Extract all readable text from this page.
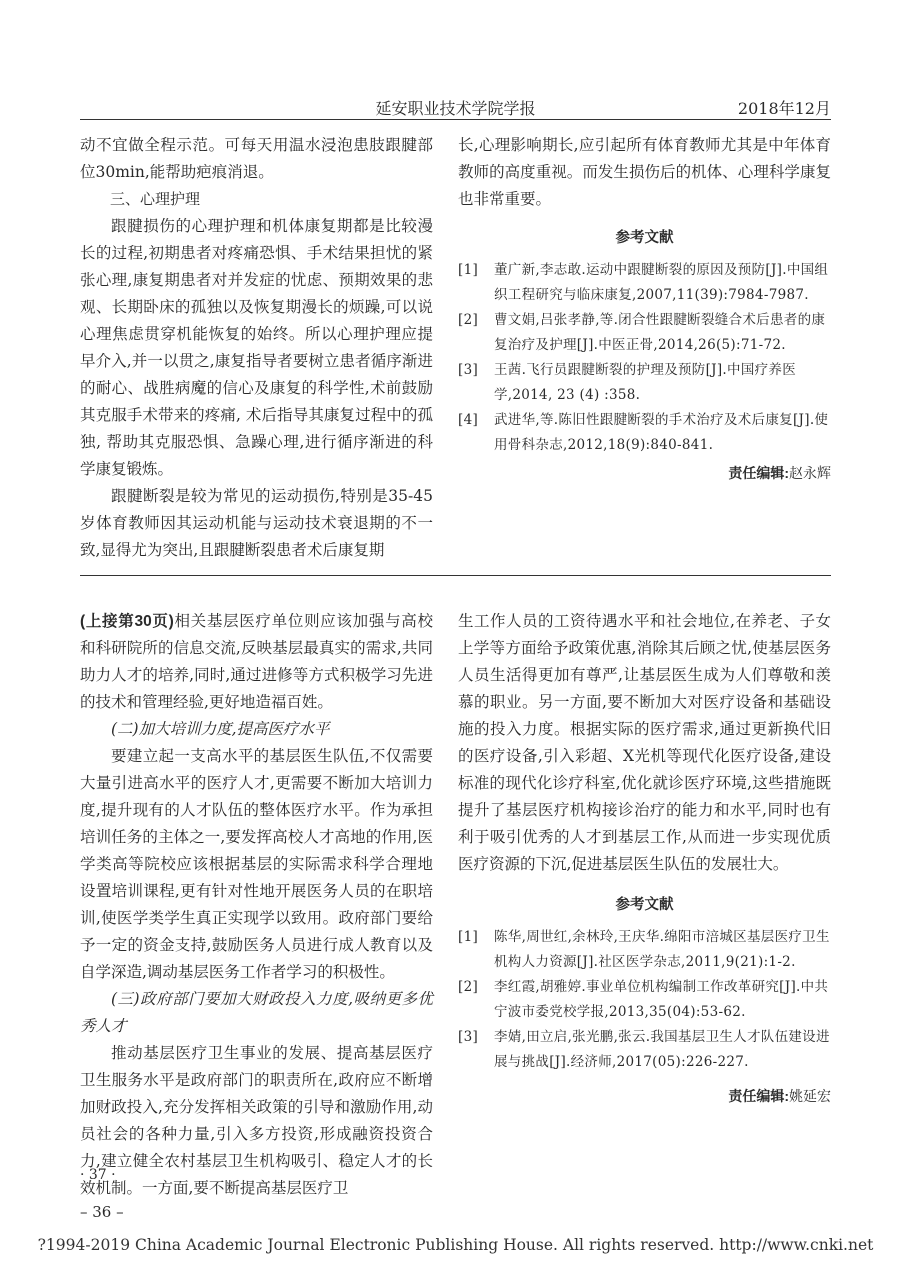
延安职业技术学院学报	2018年12月

动不宜做全程示范。可每天用温水浸泡患肢跟腱部位30min,能帮助疤痕消退。

三、心理护理

跟腱损伤的心理护理和机体康复期都是比较漫长的过程,初期患者对疼痛恐惧、手术结果担忧的紧张心理,康复期患者对并发症的忧虑、预期效果的悲观、长期卧床的孤独以及恢复期漫长的烦躁,可以说心理焦虑贯穿机能恢复的始终。所以心理护理应提早介入,并一以贯之,康复指导者要树立患者循序渐进的耐心、战胜病魔的信心及康复的科学性,术前鼓励其克服手术带来的疼痛, 术后指导其康复过程中的孤独, 帮助其克服恐惧、急躁心理,进行循序渐进的科学康复锻炼。

跟腱断裂是较为常见的运动损伤,特别是35-45岁体育教师因其运动机能与运动技术衰退期的不一致,显得尤为突出,且跟腱断裂患者术后康复期

长,心理影响期长,应引起所有体育教师尤其是中年体育教师的高度重视。而发生损伤后的机体、心理科学康复也非常重要。

参考文献

[1]	董广新,李志敢.运动中跟腱断裂的原因及预防[J].中国组织工程研究与临床康复,2007,11(39):7984-7987.
[2]	曹文娟,吕张孝静,等.闭合性跟腱断裂缝合术后患者的康复治疗及护理[J].中医正骨,2014,26(5):71-72.
[3]	王茜.飞行员跟腱断裂的护理及预防[J].中国疗养医学,2014, 23 (4) :358.
[4]	武进华,等.陈旧性跟腱断裂的手术治疗及术后康复[J].使用骨科杂志,2012,18(9):840-841.
责任编辑:赵永辉

(上接第30页)相关基层医疗单位则应该加强与高校和科研院所的信息交流,反映基层最真实的需求,共同助力人才的培养,同时,通过进修等方式积极学习先进的技术和管理经验,更好地造福百姓。

(二)加大培训力度,提高医疗水平

要建立起一支高水平的基层医生队伍,不仅需要大量引进高水平的医疗人才,更需要不断加大培训力度,提升现有的人才队伍的整体医疗水平。作为承担培训任务的主体之一,要发挥高校人才高地的作用,医学类高等院校应该根据基层的实际需求科学合理地设置培训课程,更有针对性地开展医务人员的在职培训,使医学类学生真正实现学以致用。政府部门要给予一定的资金支持,鼓励医务人员进行成人教育以及自学深造,调动基层医务工作者学习的积极性。

(三)政府部门要加大财政投入力度,吸纳更多优秀人才

推动基层医疗卫生事业的发展、提高基层医疗卫生服务水平是政府部门的职责所在,政府应不断增加财政投入,充分发挥相关政策的引导和激励作用,动员社会的各种力量,引入多方投资,形成融资投资合力,建立健全农村基层卫生机构吸引、稳定人才的长效机制。一方面,要不断提高基层医疗卫

生工作人员的工资待遇水平和社会地位,在养老、子女上学等方面给予政策优惠,消除其后顾之忧,使基层医务人员生活得更加有尊严,让基层医生成为人们尊敬和羡慕的职业。另一方面,要不断加大对医疗设备和基础设施的投入力度。根据实际的医疗需求,通过更新换代旧的医疗设备,引入彩超、X光机等现代化医疗设备,建设标准的现代化诊疗科室,优化就诊医疗环境,这些措施既提升了基层医疗机构接诊治疗的能力和水平,同时也有利于吸引优秀的人才到基层工作,从而进一步实现优质医疗资源的下沉,促进基层医生队伍的发展壮大。

参考文献

[1]	陈华,周世红,余林玲,王庆华.绵阳市涪城区基层医疗卫生机构人力资源[J].社区医学杂志,2011,9(21):1-2.
[2]	李红霞,胡雅婷.事业单位机构编制工作改革研究[J].中共宁波市委党校学报,2013,35(04):53-62.
[3]	李婧,田立启,张光鹏,张云.我国基层卫生人才队伍建设进展与挑战[J].经济师,2017(05):226-227.
责任编辑:姚延宏
· 37 ·
– 36 –
?1994-2019 China Academic Journal Electronic Publishing House. All rights reserved. http://www.cnki.net
